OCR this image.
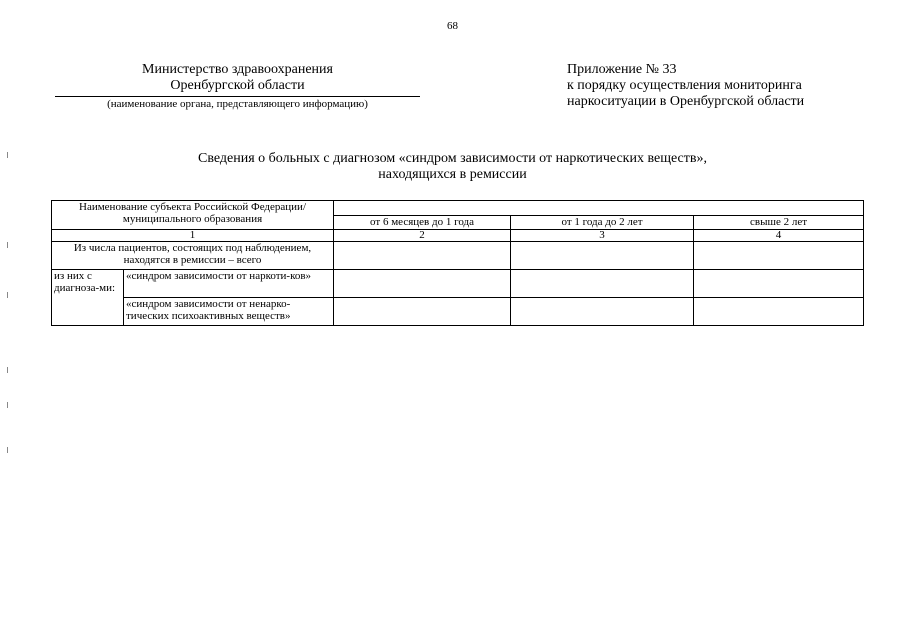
68
Министерство здравоохранения
Оренбургской области
(наименование органа, представляющего информацию)
Приложение № 33
к порядку осуществления мониторинга
наркоситуации в Оренбургской области
Сведения о больных с диагнозом «синдром зависимости от наркотических веществ»,
находящихся в ремиссии
Наименование субъекта Российской Федерации/ муниципального образования				
		от 6 месяцев до 1 года	от 1 года до 2 лет	свыше 2 лет
1		2	3	4
Из числа пациентов, состоящих под наблюдением, находятся в ремиссии – всего				
из них с диагноза-ми:	«синдром зависимости от наркоти-ков»			
	«синдром зависимости от ненарко-тических психоактивных веществ»			
